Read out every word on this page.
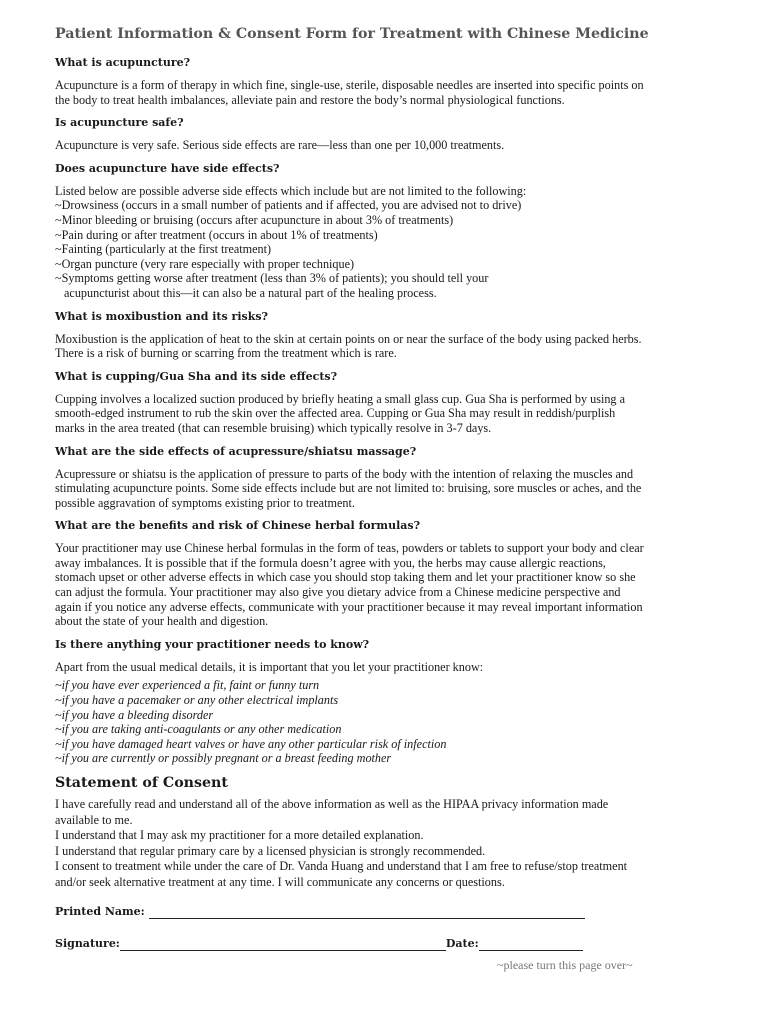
Patient Information & Consent Form for Treatment with Chinese Medicine
What is acupuncture?
Acupuncture is a form of therapy in which fine, single-use, sterile, disposable needles are inserted into specific points on
the body to treat health imbalances, alleviate pain and restore the body’s normal physiological functions.
Is acupuncture safe?
Acupuncture is very safe. Serious side effects are rare—less than one per 10,000 treatments.
Does acupuncture have side effects?
Listed below are possible adverse side effects which include but are not limited to the following:
~Drowsiness (occurs in a small number of patients and if affected, you are advised not to drive)
~Minor bleeding or bruising (occurs after acupuncture in about 3% of treatments)
~Pain during or after treatment (occurs in about 1% of treatments)
~Fainting (particularly at the first treatment)
~Organ puncture (very rare especially with proper technique)
~Symptoms getting worse after treatment (less than 3% of patients); you should tell your
acupuncturist about this—it can also be a natural part of the healing process.
What is moxibustion and its risks?
Moxibustion is the application of heat to the skin at certain points on or near the surface of the body using packed herbs.
There is a risk of burning or scarring from the treatment which is rare.
What is cupping/Gua Sha and its side effects?
Cupping involves a localized suction produced by briefly heating a small glass cup. Gua Sha is performed by using a
smooth-edged instrument to rub the skin over the affected area. Cupping or Gua Sha may result in reddish/purplish
marks in the area treated (that can resemble bruising) which typically resolve in 3-7 days.
What are the side effects of acupressure/shiatsu massage?
Acupressure or shiatsu is the application of pressure to parts of the body with the intention of relaxing the muscles and
stimulating acupuncture points. Some side effects include but are not limited to: bruising, sore muscles or aches, and the
possible aggravation of symptoms existing prior to treatment.
What are the benefits and risk of Chinese herbal formulas?
Your practitioner may use Chinese herbal formulas in the form of teas, powders or tablets to support your body and clear
away imbalances. It is possible that if the formula doesn’t agree with you, the herbs may cause allergic reactions,
stomach upset or other adverse effects in which case you should stop taking them and let your practitioner know so she
can adjust the formula. Your practitioner may also give you dietary advice from a Chinese medicine perspective and
again if you notice any adverse effects, communicate with your practitioner because it may reveal important information
about the state of your health and digestion.
Is there anything your practitioner needs to know?
Apart from the usual medical details, it is important that you let your practitioner know:
~if you have ever experienced a fit, faint or funny turn
~if you have a pacemaker or any other electrical implants
~if you have a bleeding disorder
~if you are taking anti-coagulants or any other medication
~if you have damaged heart valves or have any other particular risk of infection
~if you are currently or possibly pregnant or a breast feeding mother
Statement of Consent
I have carefully read and understand all of the above information as well as the HIPAA privacy information made
available to me.
I understand that I may ask my practitioner for a more detailed explanation.
I understand that regular primary care by a licensed physician is strongly recommended.
I consent to treatment while under the care of Dr. Vanda Huang and understand that I am free to refuse/stop treatment
and/or seek alternative treatment at any time. I will communicate any concerns or questions.
Printed Name:
Signature:	Date:
~please turn this page over~
